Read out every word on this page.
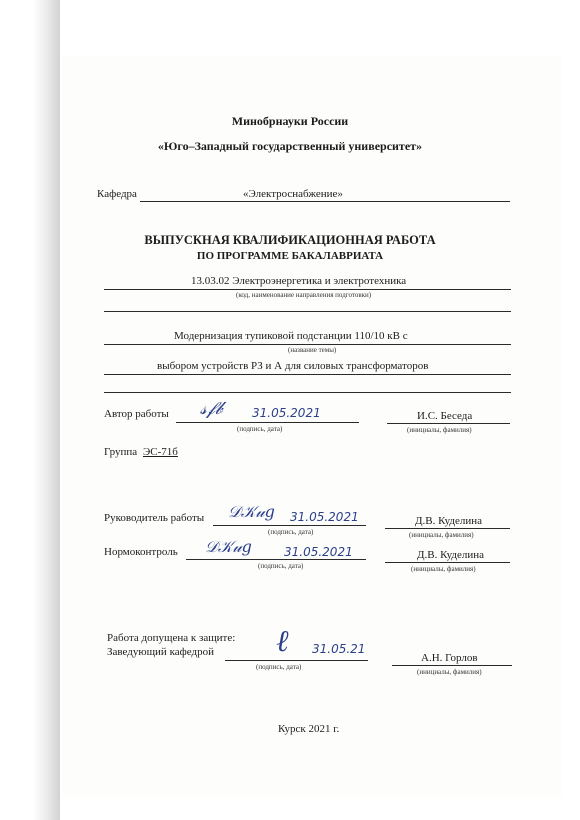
Минобрнауки России
«Юго–Западный государственный университет»
Кафедра	«Электроснабжение»
ВЫПУСКНАЯ КВАЛИФИКАЦИОННАЯ РАБОТА
ПО ПРОГРАММЕ БАКАЛАВРИАТА
13.03.02 Электроэнергетика и электротехника
(код, наименование направления подготовки)
Модернизация тупиковой подстанции 110/10 кВ с
(название темы)
выбором устройств РЗ и А для силовых трансформаторов
Автор работы 𝓈𝒻𝒷 31.05.2021
(подпись, дата)
И.С. Беседа
(инициалы, фамилия)
Группа ЭС-71б
Руководитель работы 𝒟𝒦𝓊𝑔 31.05.2021
(подпись, дата)
Д.В. Куделина
(инициалы, фамилия)
Нормоконтроль 𝒟𝒦𝓊𝑔	31.05.2021
(подпись, дата)
Д.В. Куделина
(инициалы, фамилия)
Работа допущена к защите:
Заведующий кафедрой ℓ 31.05.21
(подпись, дата)
А.Н. Горлов
(инициалы, фамилия)
Курск 2021 г.
